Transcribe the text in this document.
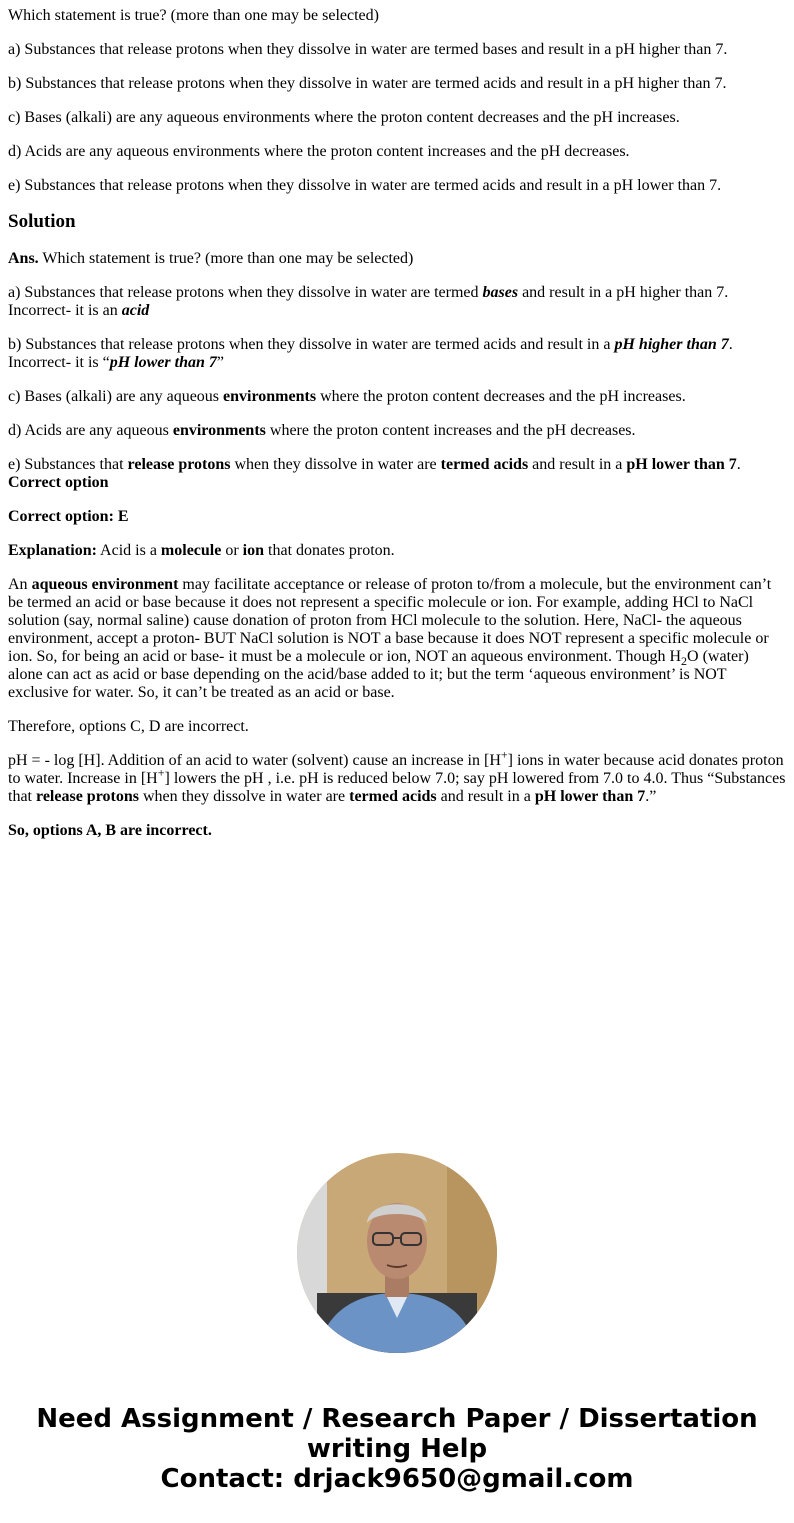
Which statement is true? (more than one may be selected)

a) Substances that release protons when they dissolve in water are termed bases and result in a pH higher than 7.

b) Substances that release protons when they dissolve in water are termed acids and result in a pH higher than 7.

c) Bases (alkali) are any aqueous environments where the proton content decreases and the pH increases.

d) Acids are any aqueous environments where the proton content increases and the pH decreases.

e) Substances that release protons when they dissolve in water are termed acids and result in a pH lower than 7.

Solution

Ans. Which statement is true? (more than one may be selected)

a) Substances that release protons when they dissolve in water are termed bases and result in a pH higher than 7. Incorrect- it is an acid

b) Substances that release protons when they dissolve in water are termed acids and result in a pH higher than 7. Incorrect- it is “pH lower than 7”

c) Bases (alkali) are any aqueous environments where the proton content decreases and the pH increases.

d) Acids are any aqueous environments where the proton content increases and the pH decreases.

e) Substances that release protons when they dissolve in water are termed acids and result in a pH lower than 7. Correct option

Correct option: E

Explanation: Acid is a molecule or ion that donates proton.

An aqueous environment may facilitate acceptance or release of proton to/from a molecule, but the environment can’t be termed an acid or base because it does not represent a specific molecule or ion. For example, adding HCl to NaCl solution (say, normal saline) cause donation of proton from HCl molecule to the solution. Here, NaCl- the aqueous environment, accept a proton- BUT NaCl solution is NOT a base because it does NOT represent a specific molecule or ion. So, for being an acid or base- it must be a molecule or ion, NOT an aqueous environment. Though $H_2O$ (water) alone can act as acid or base depending on the acid/base added to it; but the term ‘aqueous environment’ is NOT exclusive for water. So, it can’t be treated as an acid or base.

Therefore, options C, D are incorrect.

pH = - log [H]. Addition of an acid to water (solvent) cause an increase in [H+] ions in water because acid donates proton to water. Increase in [H+] lowers the pH , i.e. pH is reduced below 7.0; say pH lowered from 7.0 to 4.0. Thus “Substances that release protons when they dissolve in water are termed acids and result in a pH lower than 7.”

So, options A, B are incorrect.

Need Assignment / Research Paper / Dissertation
writing Help
Contact: drjack9650@gmail.com
